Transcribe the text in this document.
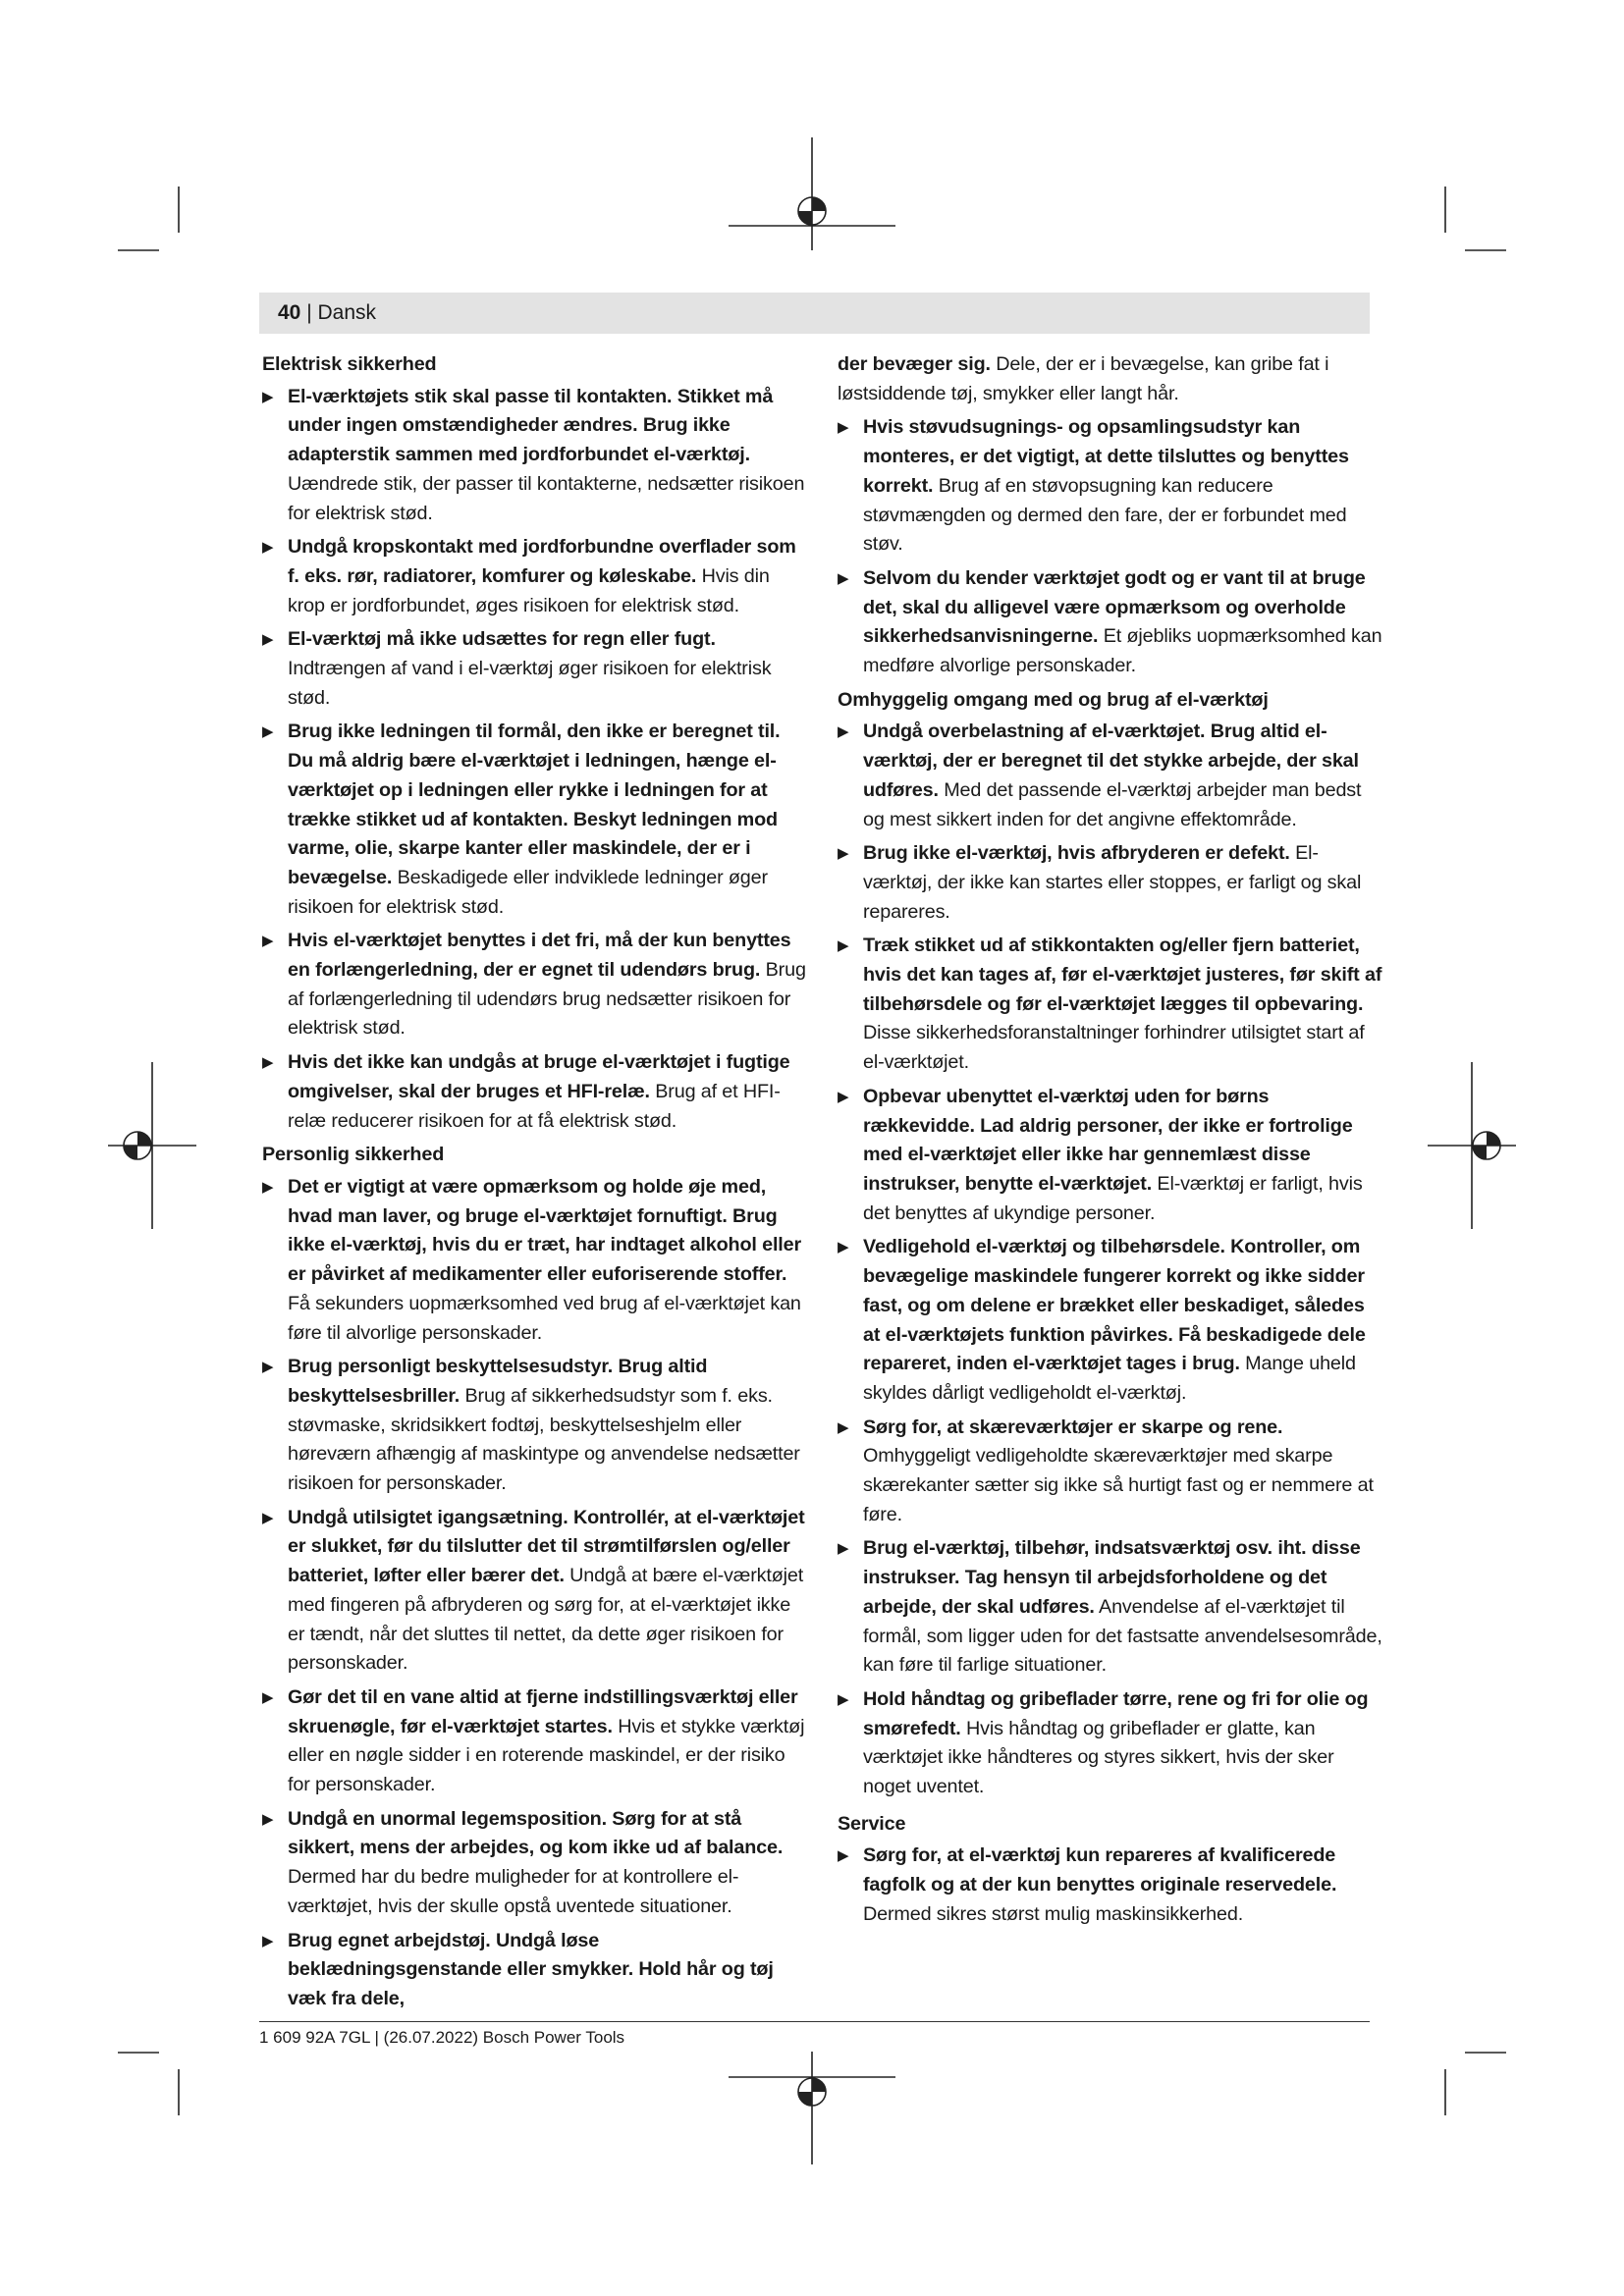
40 | Dansk
Elektrisk sikkerhed
▶ El-værktøjets stik skal passe til kontakten. Stikket må under ingen omstændigheder ændres. Brug ikke adapterstik sammen med jordforbundet el-værktøj. Uændrede stik, der passer til kontakterne, nedsætter risikoen for elektrisk stød.
▶ Undgå kropskontakt med jordforbundne overflader som f. eks. rør, radiatorer, komfurer og køleskabe. Hvis din krop er jordforbundet, øges risikoen for elektrisk stød.
▶ El-værktøj må ikke udsættes for regn eller fugt. Indtrængen af vand i el-værktøj øger risikoen for elektrisk stød.
▶ Brug ikke ledningen til formål, den ikke er beregnet til. Du må aldrig bære el-værktøjet i ledningen, hænge el-værktøjet op i ledningen eller rykke i ledningen for at trække stikket ud af kontakten. Beskyt ledningen mod varme, olie, skarpe kanter eller maskindele, der er i bevægelse. Beskadigede eller indviklede ledninger øger risikoen for elektrisk stød.
▶ Hvis el-værktøjet benyttes i det fri, må der kun benyttes en forlængerledning, der er egnet til udendørs brug. Brug af forlængerledning til udendørs brug nedsætter risikoen for elektrisk stød.
▶ Hvis det ikke kan undgås at bruge el-værktøjet i fugtige omgivelser, skal der bruges et HFI-relæ. Brug af et HFI-relæ reducerer risikoen for at få elektrisk stød.
Personlig sikkerhed
▶ Det er vigtigt at være opmærksom og holde øje med, hvad man laver, og bruge el-værktøjet fornuftigt. Brug ikke el-værktøj, hvis du er træt, har indtaget alkohol eller er påvirket af medikamenter eller euforiserende stoffer. Få sekunders uopmærksomhed ved brug af el-værktøjet kan føre til alvorlige personskader.
▶ Brug personligt beskyttelsesudstyr. Brug altid beskyttelsesbriller. Brug af sikkerhedsudstyr som f. eks. støvmaske, skridsikkert fodtøj, beskyttelseshjelm eller høreværn afhængig af maskintype og anvendelse nedsætter risikoen for personskader.
▶ Undgå utilsigtet igangsætning. Kontrollér, at el-værktøjet er slukket, før du tilslutter det til strømtilførslen og/eller batteriet, løfter eller bærer det. Undgå at bære el-værktøjet med fingeren på afbryderen og sørg for, at el-værktøjet ikke er tændt, når det sluttes til nettet, da dette øger risikoen for personskader.
▶ Gør det til en vane altid at fjerne indstillingsværktøj eller skruenøgle, før el-værktøjet startes. Hvis et stykke værktøj eller en nøgle sidder i en roterende maskindel, er der risiko for personskader.
▶ Undgå en unormal legemsposition. Sørg for at stå sikkert, mens der arbejdes, og kom ikke ud af balance. Dermed har du bedre muligheder for at kontrollere el-værktøjet, hvis der skulle opstå uventede situationer.
▶ Brug egnet arbejdstøj. Undgå løse beklædningsgenstande eller smykker. Hold hår og tøj væk fra dele,
der bevæger sig. Dele, der er i bevægelse, kan gribe fat i løstsiddende tøj, smykker eller langt hår.
▶ Hvis støvudsugnings- og opsamlingsudstyr kan monteres, er det vigtigt, at dette tilsluttes og benyttes korrekt. Brug af en støvopsugning kan reducere støvmængden og dermed den fare, der er forbundet med støv.
▶ Selvom du kender værktøjet godt og er vant til at bruge det, skal du alligevel være opmærksom og overholde sikkerhedsanvisningerne. Et øjebliks uopmærksomhed kan medføre alvorlige personskader.
Omhyggelig omgang med og brug af el-værktøj
▶ Undgå overbelastning af el-værktøjet. Brug altid el-værktøj, der er beregnet til det stykke arbejde, der skal udføres. Med det passende el-værktøj arbejder man bedst og mest sikkert inden for det angivne effektområde.
▶ Brug ikke el-værktøj, hvis afbryderen er defekt. El-værktøj, der ikke kan startes eller stoppes, er farligt og skal repareres.
▶ Træk stikket ud af stikkontakten og/eller fjern batteriet, hvis det kan tages af, før el-værktøjet justeres, før skift af tilbehørsdele og før el-værktøjet lægges til opbevaring. Disse sikkerhedsforanstaltninger forhindrer utilsigtet start af el-værktøjet.
▶ Opbevar ubenyttet el-værktøj uden for børns rækkevidde. Lad aldrig personer, der ikke er fortrolige med el-værktøjet eller ikke har gennemlæst disse instrukser, benytte el-værktøjet. El-værktøj er farligt, hvis det benyttes af ukyndige personer.
▶ Vedligehold el-værktøj og tilbehørsdele. Kontroller, om bevægelige maskindele fungerer korrekt og ikke sidder fast, og om delene er brækket eller beskadiget, således at el-værktøjets funktion påvirkes. Få beskadigede dele repareret, inden el-værktøjet tages i brug. Mange uheld skyldes dårligt vedligeholdt el-værktøj.
▶ Sørg for, at skæreværktøjer er skarpe og rene. Omhyggeligt vedligeholdte skæreværktøjer med skarpe skærekanter sætter sig ikke så hurtigt fast og er nemmere at føre.
▶ Brug el-værktøj, tilbehør, indsatsværktøj osv. iht. disse instrukser. Tag hensyn til arbejdsforholdene og det arbejde, der skal udføres. Anvendelse af el-værktøjet til formål, som ligger uden for det fastsatte anvendelsesområde, kan føre til farlige situationer.
▶ Hold håndtag og gribeflader tørre, rene og fri for olie og smørefedt. Hvis håndtag og gribeflader er glatte, kan værktøjet ikke håndteres og styres sikkert, hvis der sker noget uventet.
Service
▶ Sørg for, at el-værktøj kun repareres af kvalificerede fagfolk og at der kun benyttes originale reservedele. Dermed sikres størst mulig maskinsikkerhed.
1 609 92A 7GL | (26.07.2022) Bosch Power Tools
